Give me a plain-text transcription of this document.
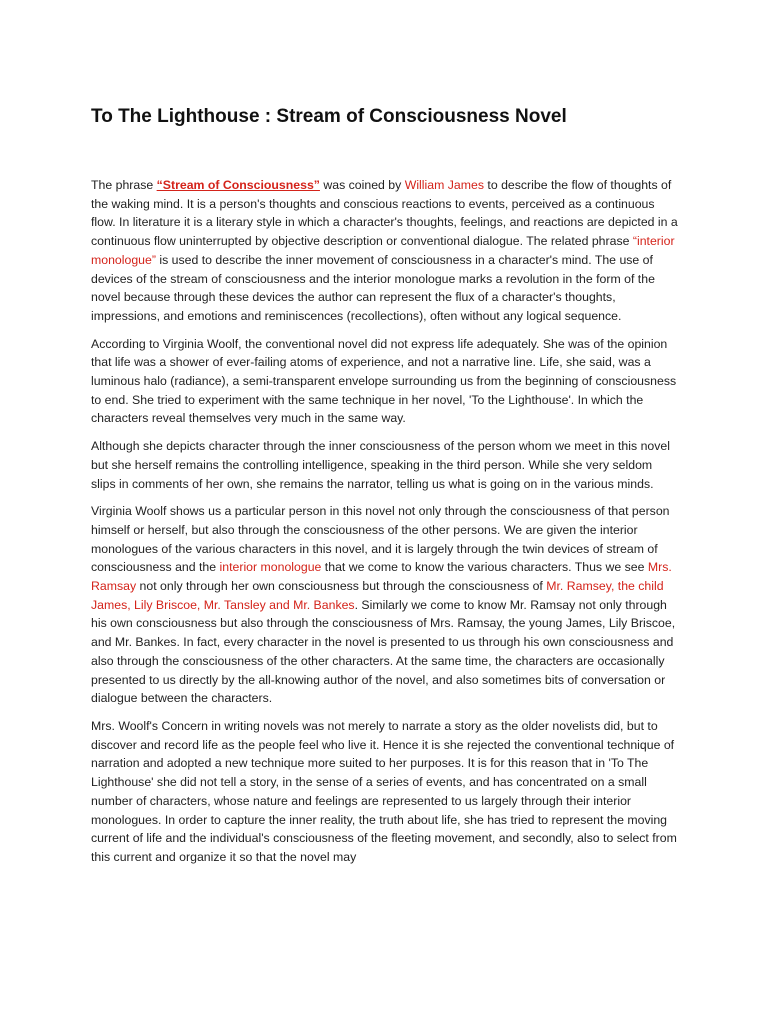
To The Lighthouse : Stream of Consciousness Novel

The phrase “Stream of Consciousness” was coined by William James to describe the flow of thoughts of the waking mind. It is a person's thoughts and conscious reactions to events, perceived as a continuous flow. In literature it is a literary style in which a character's thoughts, feelings, and reactions are depicted in a continuous flow uninterrupted by objective description or conventional dialogue. The related phrase “interior monologue” is used to describe the inner movement of consciousness in a character's mind. The use of devices of the stream of consciousness and the interior monologue marks a revolution in the form of the novel because through these devices the author can represent the flux of a character's thoughts, impressions, and emotions and reminiscences (recollections), often without any logical sequence.

According to Virginia Woolf, the conventional novel did not express life adequately. She was of the opinion that life was a shower of ever-failing atoms of experience, and not a narrative line. Life, she said, was a luminous halo (radiance), a semi-transparent envelope surrounding us from the beginning of consciousness to end. She tried to experiment with the same technique in her novel, 'To the Lighthouse'. In which the characters reveal themselves very much in the same way.

Although she depicts character through the inner consciousness of the person whom we meet in this novel but she herself remains the controlling intelligence, speaking in the third person. While she very seldom slips in comments of her own, she remains the narrator, telling us what is going on in the various minds.

Virginia Woolf shows us a particular person in this novel not only through the consciousness of that person himself or herself, but also through the consciousness of the other persons. We are given the interior monologues of the various characters in this novel, and it is largely through the twin devices of stream of consciousness and the interior monologue that we come to know the various characters. Thus we see Mrs. Ramsay not only through her own consciousness but through the consciousness of Mr. Ramsey, the child James, Lily Briscoe, Mr. Tansley and Mr. Bankes. Similarly we come to know Mr. Ramsay not only through his own consciousness but also through the consciousness of Mrs. Ramsay, the young James, Lily Briscoe, and Mr. Bankes. In fact, every character in the novel is presented to us through his own consciousness and also through the consciousness of the other characters. At the same time, the characters are occasionally presented to us directly by the all-knowing author of the novel, and also sometimes bits of conversation or dialogue between the characters.

Mrs. Woolf's Concern in writing novels was not merely to narrate a story as the older novelists did, but to discover and record life as the people feel who live it. Hence it is she rejected the conventional technique of narration and adopted a new technique more suited to her purposes. It is for this reason that in 'To The Lighthouse' she did not tell a story, in the sense of a series of events, and has concentrated on a small number of characters, whose nature and feelings are represented to us largely through their interior monologues. In order to capture the inner reality, the truth about life, she has tried to represent the moving current of life and the individual's consciousness of the fleeting movement, and secondly, also to select from this current and organize it so that the novel may
